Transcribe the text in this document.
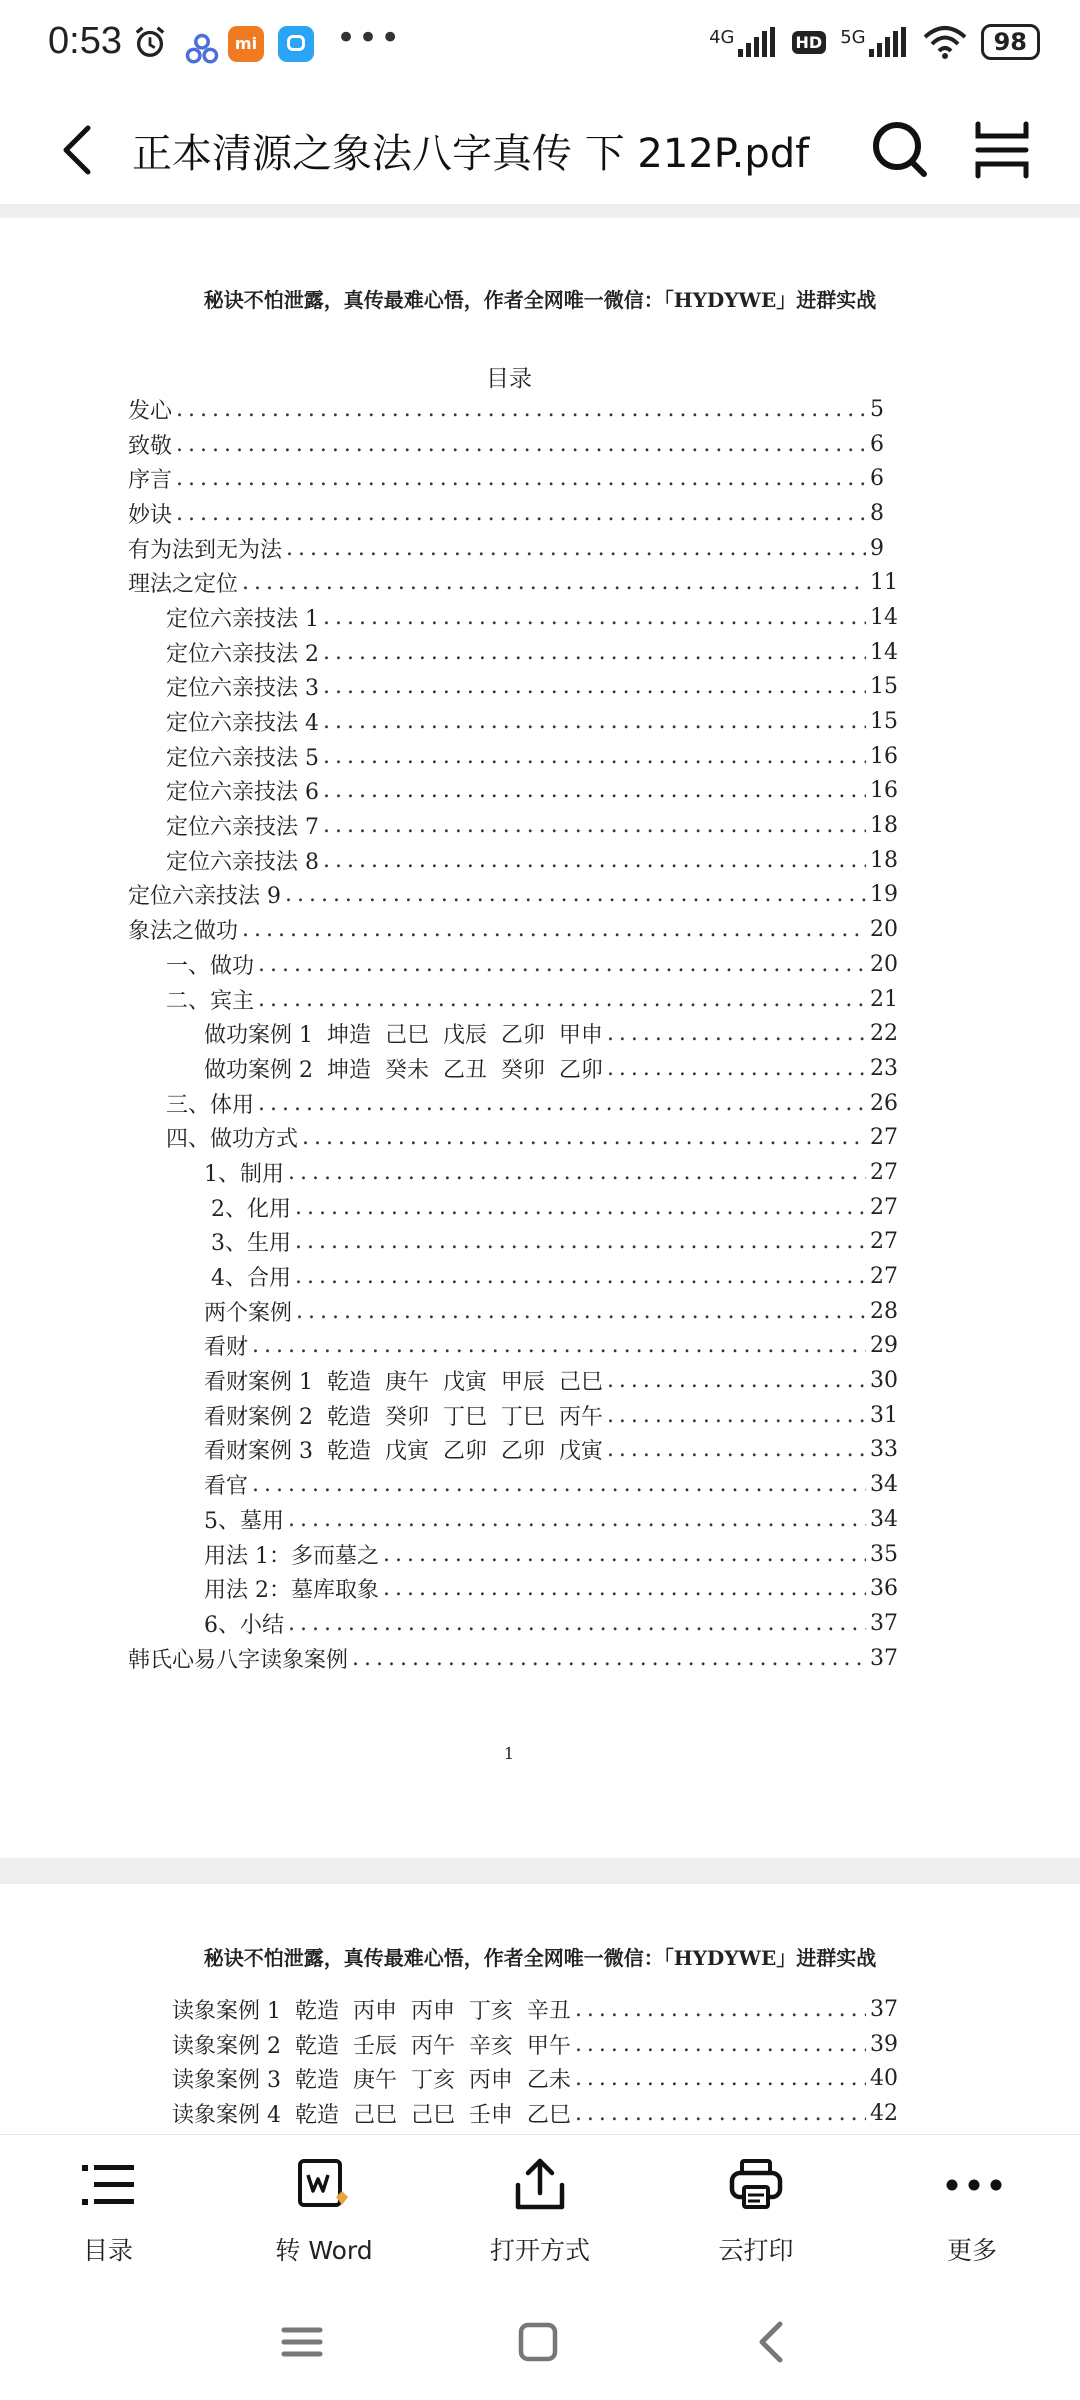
0:53	mi •••	4G	HD 5G	98
正本清源之象法八字真传 下 212P.pdf
秘诀不怕泄露，真传最难心悟，作者全网唯一微信：「HYDYWE」进群实战
目录
发心 . . .	5
致敬 . . .	6
序言 . . .	6
妙诀 . . .	8
有为法到无为法 . . .	9
理法之定位 . . .	11
定位六亲技法 1 . . .	14
定位六亲技法 2 . . .	14
定位六亲技法 3 . . .	15
定位六亲技法 4 . . .	15
定位六亲技法 5 . . .	16
定位六亲技法 6 . . .	16
定位六亲技法 7 . . .	18
定位六亲技法 8 . . .	18
定位六亲技法 9 . . .	19
象法之做功 . . .	20
一、做功 . . .	20
二、宾主 . . .	21
做功案例 1  坤造  己巳  戊辰  乙卯  甲申 . . .	22
做功案例 2  坤造  癸未  乙丑  癸卯  乙卯 . . .	23
三、体用 . . .	26
四、做功方式 . . .	27
1、制用 . . .	27
2、化用 . . .	27
3、生用 . . .	27
4、合用 . . .	27
两个案例 . . .	28
看财 . . .	29
看财案例 1  乾造  庚午  戊寅  甲辰  己巳 . . .	30
看财案例 2  乾造  癸卯  丁巳  丁巳  丙午 . . .	31
看财案例 3  乾造  戊寅  乙卯  乙卯  戊寅 . . .	33
看官 . . .	34
5、墓用 . . .	34
用法 1：多而墓之 . . .	35
用法 2：墓库取象 . . .	36
6、小结 . . .	37
韩氏心易八字读象案例 . . .	37
1
秘诀不怕泄露，真传最难心悟，作者全网唯一微信：「HYDYWE」进群实战
读象案例 1  乾造  丙申  丙申  丁亥  辛丑 . . .	37
读象案例 2  乾造  壬辰  丙午  辛亥  甲午 . . .	39
读象案例 3  乾造  庚午  丁亥  丙申  乙未 . . .	40
读象案例 4  乾造  己巳  己巳  壬申  乙巳 . . .	42
目录	转 Word	打开方式	云打印	更多
